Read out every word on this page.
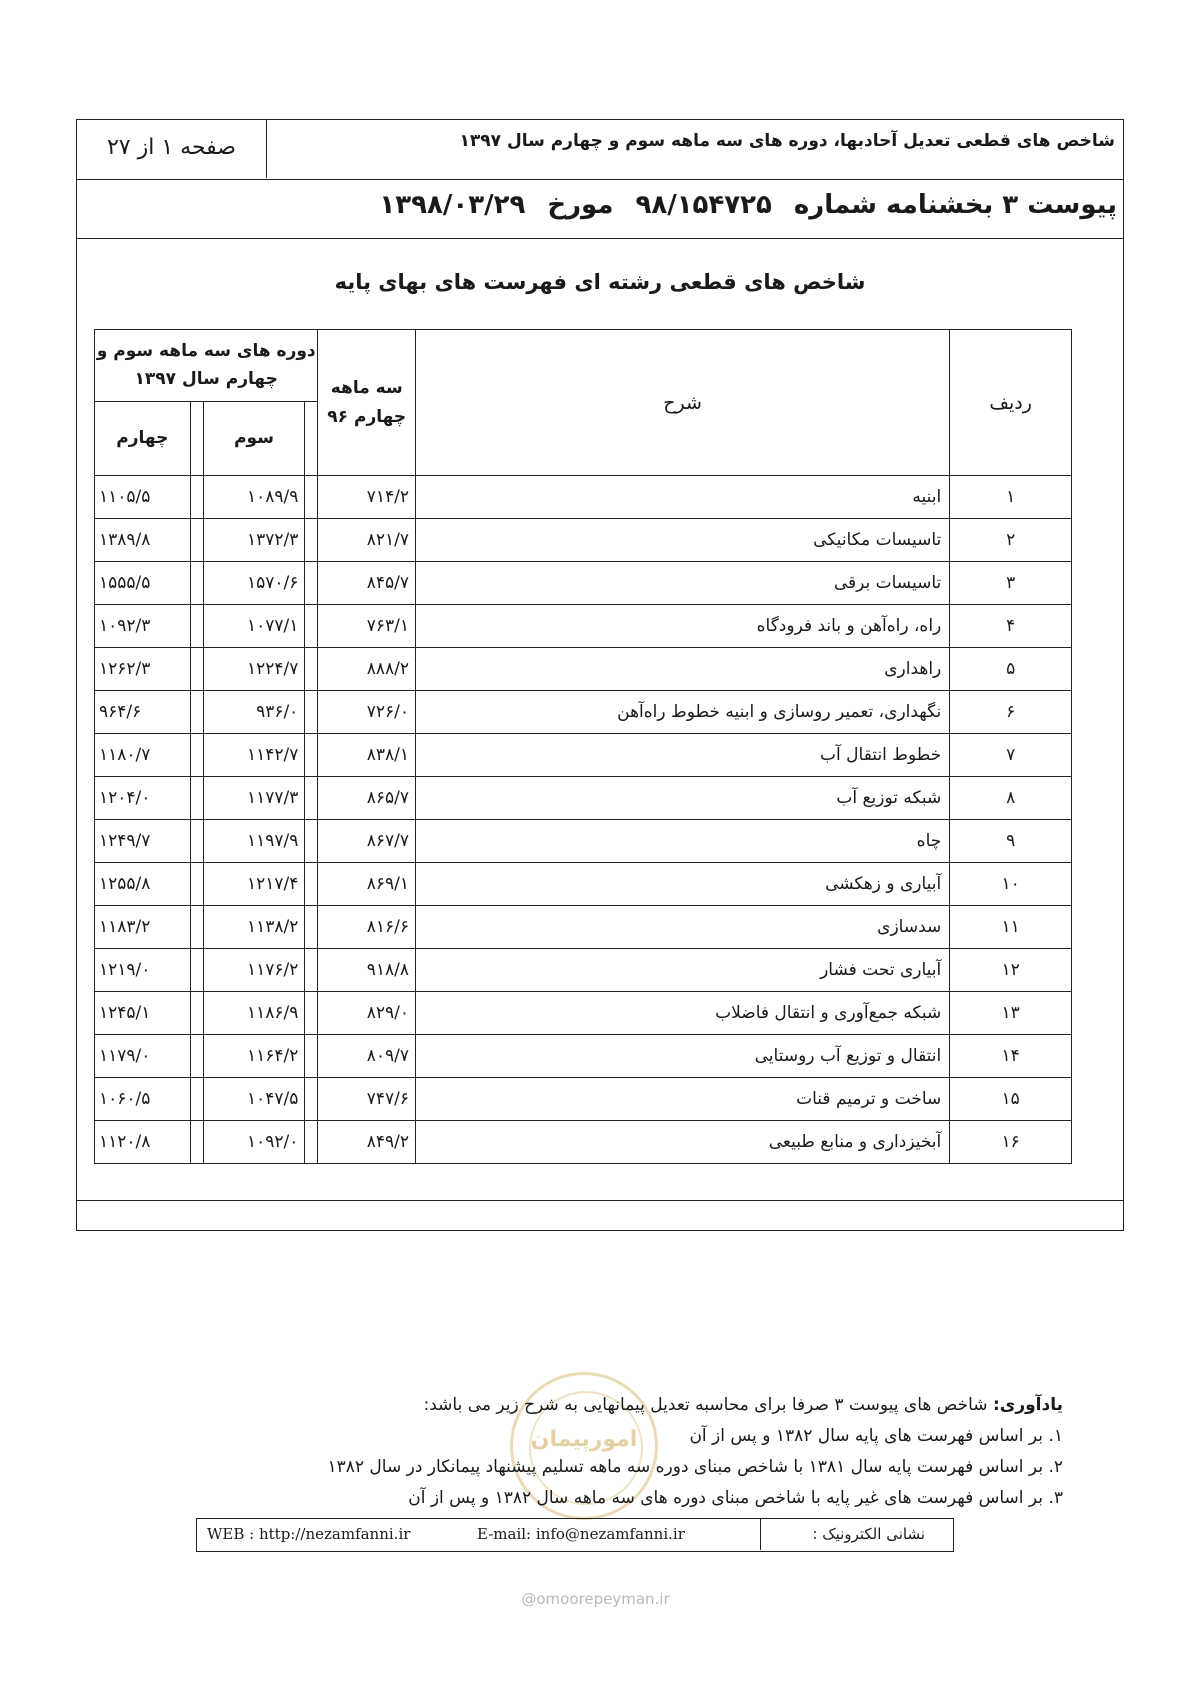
شاخص های قطعی تعدیل آحادبها، دوره های سه ماهه سوم و چهارم سال ۱۳۹۷
صفحه ۱ از ۲۷
پیوست ۳ بخشنامه شماره۹۸/۱۵۴۷۲۵مورخ۱۳۹۸/۰۳/۲۹
شاخص های قطعی رشته ای فهرست های بهای پایه
ردیف	شرح	سه ماهه چهارم ۹۶	دوره های سه ماهه سوم و چهارم سال ۱۳۹۷			
				سوم		چهارم
۱	ابنیه	۷۱۴/۲		۱۰۸۹/۹		۱۱۰۵/۵
۲	تاسیسات مکانیکی	۸۲۱/۷		۱۳۷۲/۳		۱۳۸۹/۸
۳	تاسیسات برقی	۸۴۵/۷		۱۵۷۰/۶		۱۵۵۵/۵
۴	راه، راه‌آهن و باند فرودگاه	۷۶۳/۱		۱۰۷۷/۱		۱۰۹۲/۳
۵	راهداری	۸۸۸/۲		۱۲۲۴/۷		۱۲۶۲/۳
۶	نگهداری، تعمیر روسازی و ابنیه خطوط راه‌آهن	۷۲۶/۰		۹۳۶/۰		۹۶۴/۶
۷	خطوط انتقال آب	۸۳۸/۱		۱۱۴۲/۷		۱۱۸۰/۷
۸	شبکه توزیع آب	۸۶۵/۷		۱۱۷۷/۳		۱۲۰۴/۰
۹	چاه	۸۶۷/۷		۱۱۹۷/۹		۱۲۴۹/۷
۱۰	آبیاری و زهکشی	۸۶۹/۱		۱۲۱۷/۴		۱۲۵۵/۸
۱۱	سدسازی	۸۱۶/۶		۱۱۳۸/۲		۱۱۸۳/۲
۱۲	آبیاری تحت فشار	۹۱۸/۸		۱۱۷۶/۲		۱۲۱۹/۰
۱۳	شبکه جمع‌آوری و انتقال فاضلاب	۸۲۹/۰		۱۱۸۶/۹		۱۲۴۵/۱
۱۴	انتقال و توزیع آب روستایی	۸۰۹/۷		۱۱۶۴/۲		۱۱۷۹/۰
۱۵	ساخت و ترمیم قنات	۷۴۷/۶		۱۰۴۷/۵		۱۰۶۰/۵
۱۶	آبخیزداری و منابع طبیعی	۸۴۹/۲		۱۰۹۲/۰		۱۱۲۰/۸
امورپیمان
یادآوری: شاخص های پیوست ۳ صرفا برای محاسبه تعدیل پیمانهایی به شرح زیر می باشد:
۱. بر اساس فهرست های پایه سال ۱۳۸۲ و پس از آن
۲. بر اساس فهرست پایه سال ۱۳۸۱ با شاخص مبنای دوره سه ماهه تسلیم پیشنهاد پیمانکار در سال ۱۳۸۲
۳. بر اساس فهرست های غیر پایه با شاخص مبنای دوره های سه ماهه سال ۱۳۸۲ و پس از آن
نشانی الکترونیک :
E-mail: info@nezamfanni.ir
WEB : http://nezamfanni.ir
@omoorepeyman.ir
